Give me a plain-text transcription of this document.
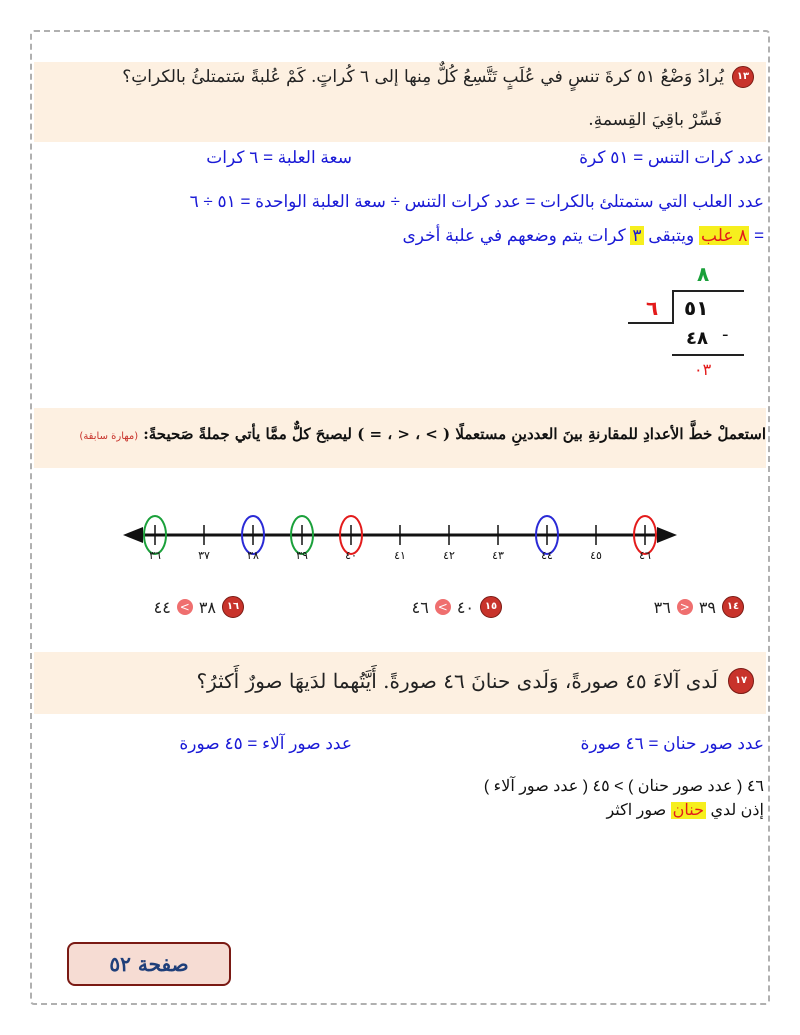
١٣
يُرادُ وَضْعُ ٥١ كرةَ تنسٍ في عُلَبٍ تَتَّسِعُ كُلٌّ مِنها إلى ٦ كُراتٍ. كَمْ عُلبةً سَتمتلئُ بالكراتِ؟
فَسِّرْ باقِيَ القِسمةِ.
عدد كرات التنس = ٥١ كرة
سعة العلبة = ٦ كرات
عدد العلب التي ستمتلئ بالكرات = عدد كرات التنس ÷ سعة العلبة الواحدة = ٥١ ÷ ٦
= ٨ علب ويتبقى ٣ كرات يتم وضعهم في علبة أخرى
٨
٥١
٦
٤٨ -
٠٣
استعملْ خطَّ الأعدادِ للمقارنةِ بينَ العددينِ مستعملًا ( > ، < ، = ) ليصبحَ كلٌّ ممَّا يأتي جملةً صَحيحةً: (مهارة سابقة)
٣٦	٣٧	٣٨	٣٩	٤٠	٤١	٤٢	٤٣	٤٤	٤٥	٤٦
١٤
٣٩
<
٣٦
١٥
٤٠
>
٤٦
١٦
٣٨
>
٤٤
١٧
لَدى آلاءَ ٤٥ صورةً، وَلَدى حنانَ ٤٦ صورةً. أَيَّتُهما لدَيهَا صورٌ أَكثرُ؟
عدد صور حنان = ٤٦ صورة
عدد صور آلاء = ٤٥ صورة
٤٦ ( عدد صور حنان ) > ٤٥ ( عدد صور آلاء )
إذن لدي حنان صور اكثر
صفحة ٥٢
